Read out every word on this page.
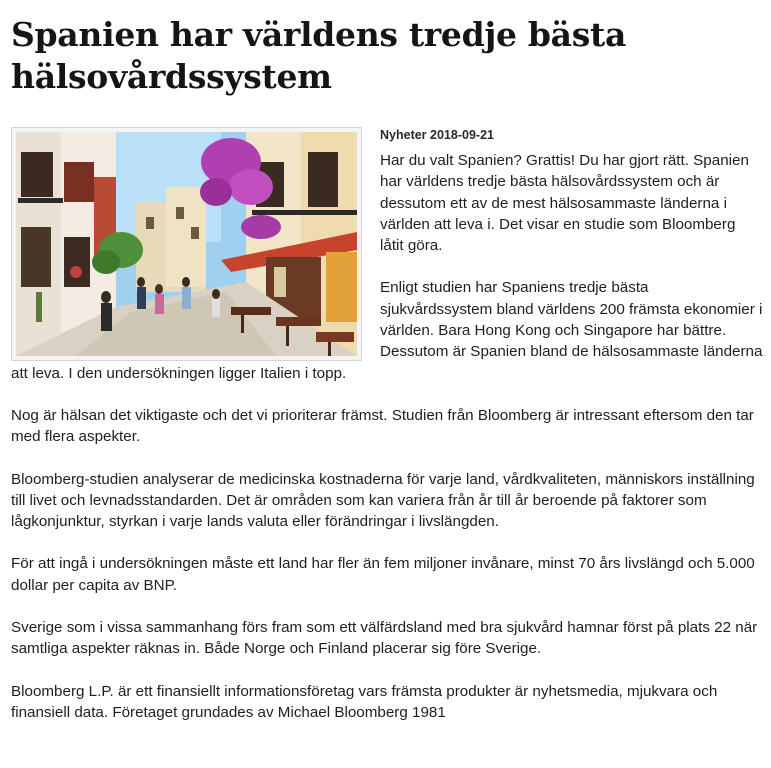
Spanien har världens tredje bästa hälsovårdssystem
Nyheter 2018-09-21

Har du valt Spanien? Grattis! Du har gjort rätt. Spanien har världens tredje bästa hälsovårdssystem och är dessutom ett av de mest hälsosammaste länderna i världen att leva i. Det visar en studie som Bloomberg låtit göra.

Enligt studien har Spaniens tredje bästa sjukvårdssystem bland världens 200 främsta ekonomier i världen. Bara Hong Kong och Singapore har bättre. Dessutom är Spanien bland de hälsosammaste länderna att leva. I den undersökningen ligger Italien i topp.

Nog är hälsan det viktigaste och det vi prioriterar främst. Studien från Bloomberg är intressant eftersom den tar med flera aspekter.

Bloomberg-studien analyserar de medicinska kostnaderna för varje land, vårdkvaliteten, människors inställning till livet och levnadsstandarden. Det är områden som kan variera från år till år beroende på faktorer som lågkonjunktur, styrkan i varje lands valuta eller förändringar i livslängden.

För att ingå i undersökningen måste ett land har fler än fem miljoner invånare, minst 70 års livslängd och 5.000 dollar per capita av BNP.

Sverige som i vissa sammanhang förs fram som ett välfärdsland med bra sjukvård hamnar först på plats 22 när samtliga aspekter räknas in. Både Norge och Finland placerar sig före Sverige.

Bloomberg L.P. är ett finansiellt informationsföretag vars främsta produkter är nyhetsmedia, mjukvara och finansiell data. Företaget grundades av Michael Bloomberg 1981
